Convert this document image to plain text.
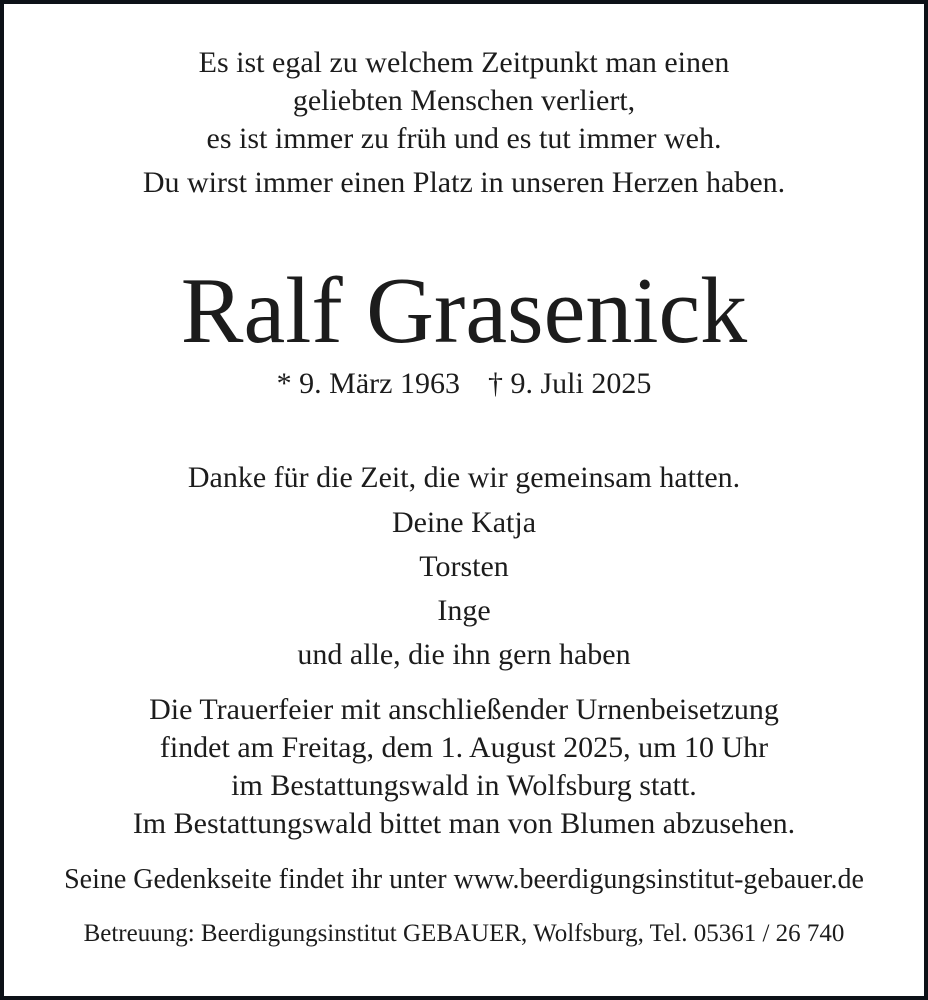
Es ist egal zu welchem Zeitpunkt man einen
geliebten Menschen verliert,
es ist immer zu früh und es tut immer weh.
Du wirst immer einen Platz in unseren Herzen haben.
Ralf Grasenick
* 9. März 1963 † 9. Juli 2025
Danke für die Zeit, die wir gemeinsam hatten.
Deine Katja
Torsten
Inge
und alle, die ihn gern haben
Die Trauerfeier mit anschließender Urnenbeisetzung
findet am Freitag, dem 1. August 2025, um 10 Uhr
im Bestattungswald in Wolfsburg statt.
Im Bestattungswald bittet man von Blumen abzusehen.
Seine Gedenkseite findet ihr unter www.beerdigungsinstitut-gebauer.de
Betreuung: Beerdigungsinstitut GEBAUER, Wolfsburg, Tel. 05361 / 26 740
